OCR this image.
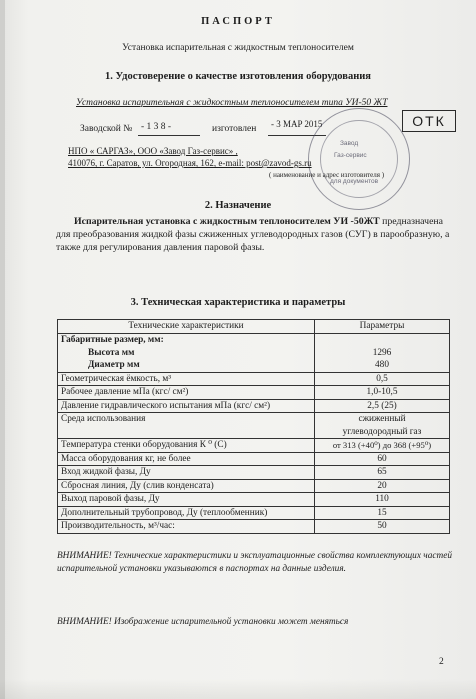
ПАСПОРТ
Установка испарительная с жидкостным теплоносителем
1. Удостоверение о качестве изготовления оборудования
Установка испарительная с жидкостным теплоносителем типа УИ-50 ЖТ
Заводской № - 1 3 8 -	изготовлен - 3 MAP 2015
Завод
Газ-сервис
для документов
ОТК
НПО « САРГАЗ», ООО «Завод Газ-сервис» ,
410076, г. Саратов, ул. Огородная, 162, e-mail: post@zavod-gs.ru
( наименование и адрес изготовителя )
2. Назначение
Испарительная установка с жидкостным теплоносителем УИ -50ЖТ предназначена для преобразования жидкой фазы сжиженных углеводородных газов (СУГ) в парообразную, а также для регулирования давления паровой фазы.
3. Техническая характеристика и параметры
Технические характеристики	Параметры
Габаритные размер, мм:	
Высота мм	1296
Диаметр мм	480
Геометрическая ёмкость, м³	0,5
Рабочее давление мПа (кгс/ см²)	1,0-10,5
Давление гидравлического испытания мПа (кгс/ см²)	2,5 (25)
Среда использования	сжиженный
	углеводородный газ
Температура стенки оборудования К ⁰ (С)	от 313 (+40⁰) до 368 (+95⁰)
Масса оборудования кг, не более	60
Вход жидкой фазы, Ду	65
Сбросная линия, Ду (слив конденсата)	20
Выход паровой фазы, Ду	110
Дополнительный трубопровод, Ду (теплообменник)	15
Производительность, м³/час:	50
ВНИМАНИЕ! Технические характеристики и эксплуатационные свойства комплектующих частей испарительной установки указываются в паспортах на данные изделия.
ВНИМАНИЕ! Изображение испарительной установки может меняться
2
